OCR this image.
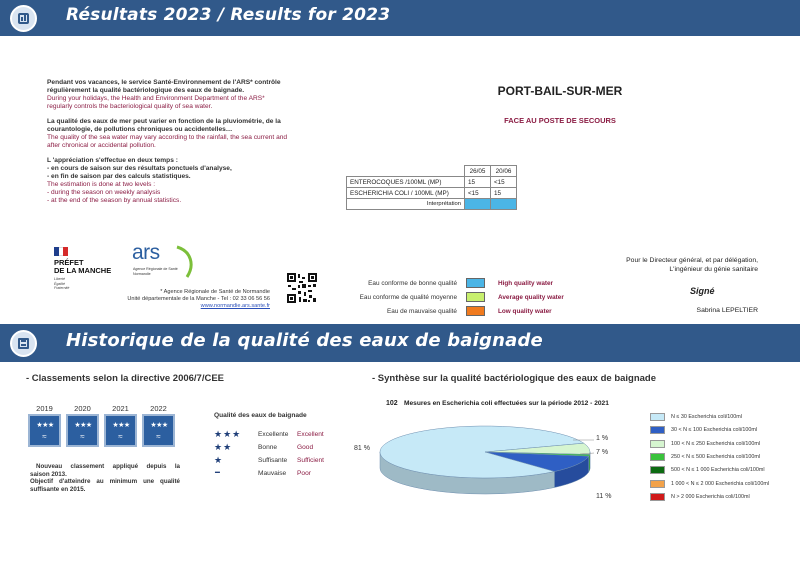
Résultats 2023 / Results for 2023
Pendant vos vacances, le service Santé-Environnement de l'ARS* contrôle
régulièrement la qualité bactériologique des eaux de baignade.
During your holidays, the Health and Environment Department of the ARS*
regularly controls the bacteriological quality of sea water.
La qualité des eaux de mer peut varier en fonction de la pluviométrie, de la
courantologie, de pollutions chroniques ou accidentelles…
The quality of the sea water may vary according to the rainfall, the sea current and
after chronical or accidental pollution.
L 'appréciation s'effectue en deux temps :
- en cours de saison sur des résultats ponctuels d'analyse,
- en fin de saison par des calculs statistiques.
The estimation is done at two levels :
- during the season on weekly analysis
- at the end of the season by annual statistics.
PRÉFET
DE LA MANCHE
Liberté
Égalité
Fraternité
ars
Agence Régionale de Santé
Normandie
* Agence Régionale de Santé de Normandie
Unité départementale de la Manche - Tel : 02 33 06 56 56
www.normandie.ars.sante.fr
PORT-BAIL-SUR-MER
FACE AU POSTE DE SECOURS
	26/05	20/06
ENTEROCOQUES /100ML (MP)	15	<15
ESCHERICHIA COLI / 100ML (MP)	<15	15
Interprétation		
Eau conforme de bonne qualité	High quality water
Eau conforme de qualité moyenne	Average quality water
Eau de mauvaise qualité	Low quality water
Pour le Directeur général, et par délégation,
L'ingénieur du génie sanitaire
Signé
Sabrina LEPELTIER
Historique de la qualité des eaux de baignade
- Classements selon la directive 2006/7/CEE
2019	2020	2021	2022
★★★
≈
★★★
≈
★★★
≈
★★★
≈
Nouveau classement appliqué depuis la
saison 2013.
Objectif d'atteindre au minimum une qualité
suffisante en 2015.
Qualité des eaux de baignade
★★★	Excellente Excellent
★★	Bonne	Good
★	Suffisante Sufficient
━	Mauvaise Poor
- Synthèse sur la qualité bactériologique des eaux de baignade
102 Mesures en Escherichia coli effectuées sur la période 2012 - 2021
81 %
11 %
7 %
1 %
N ≤ 30 Escherichia coli/100ml
30 < N ≤ 100 Escherichia coli/100ml
100 < N ≤ 250 Escherichia coli/100ml
250 < N ≤ 500 Escherichia coli/100ml
500 < N ≤ 1 000 Escherichia coli/100ml
1 000 < N ≤ 2 000 Escherichia coli/100ml
N > 2 000 Escherichia coli/100ml
